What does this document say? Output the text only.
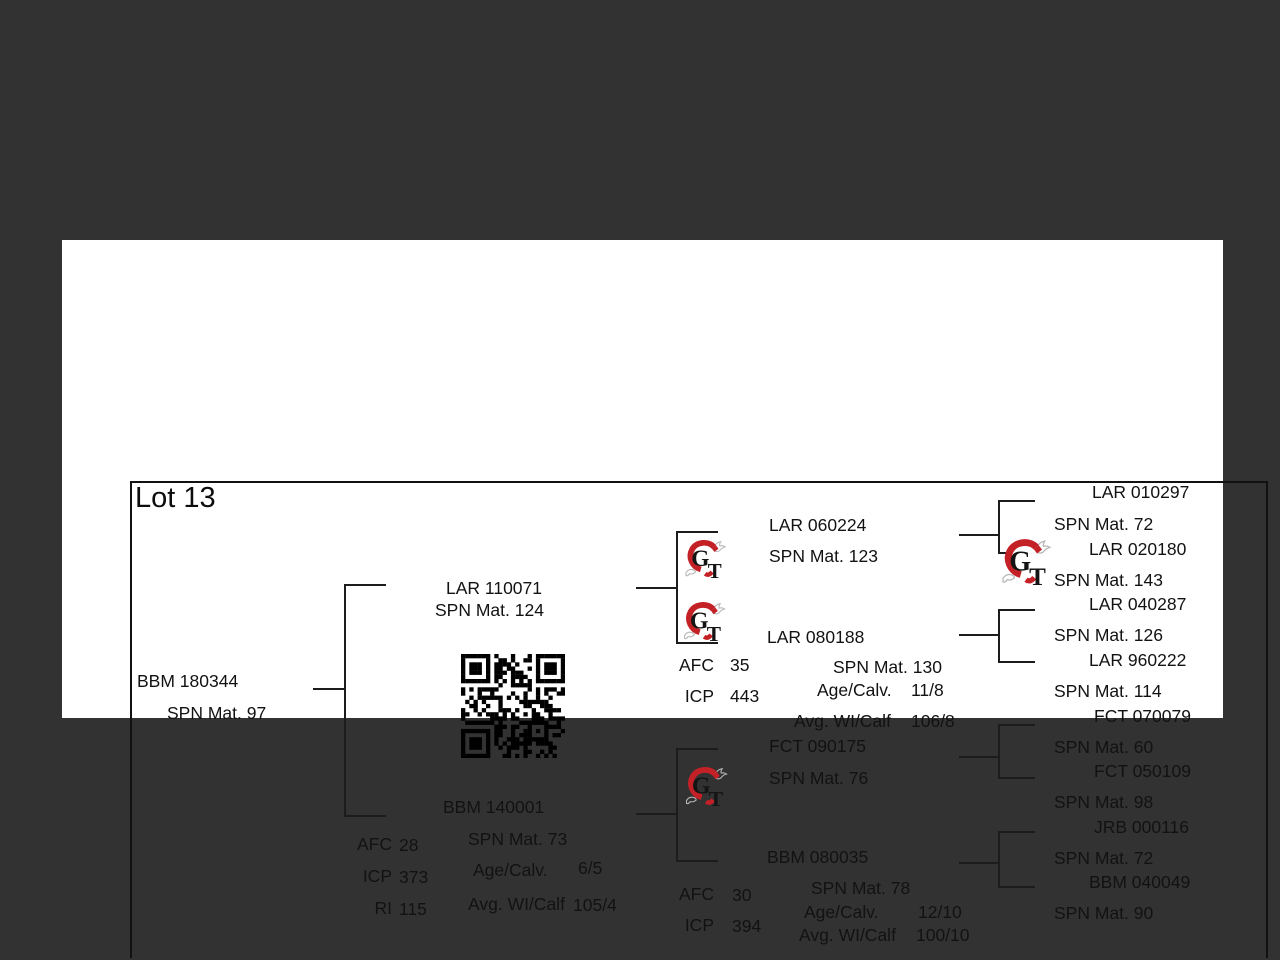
Lot 13
BBM 180344
SPN Mat. 97
LAR 110071
SPN Mat. 124
BBM 140001
SPN Mat. 73
Age/Calv. 6/5
Avg. WI/Calf 105/4
AFC 28
ICP 373
RI 115
AFC 35
ICP 443
AFC 30
ICP 394
LAR 060224
SPN Mat. 123
LAR 080188
SPN Mat. 130
Age/Calv. 11/8
Avg. WI/Calf 106/8
FCT 090175
SPN Mat. 76
BBM 080035
SPN Mat. 78
Age/Calv. 12/10
Avg. WI/Calf 100/10
LAR 010297
SPN Mat. 72
LAR 020180
SPN Mat. 143
LAR 040287
SPN Mat. 126
LAR 960222
SPN Mat. 114
FCT 070079
SPN Mat. 60
FCT 050109
SPN Mat. 98
JRB 000116
SPN Mat. 72
BBM 040049
SPN Mat. 90
G
T
G
T
G
T
G
T
